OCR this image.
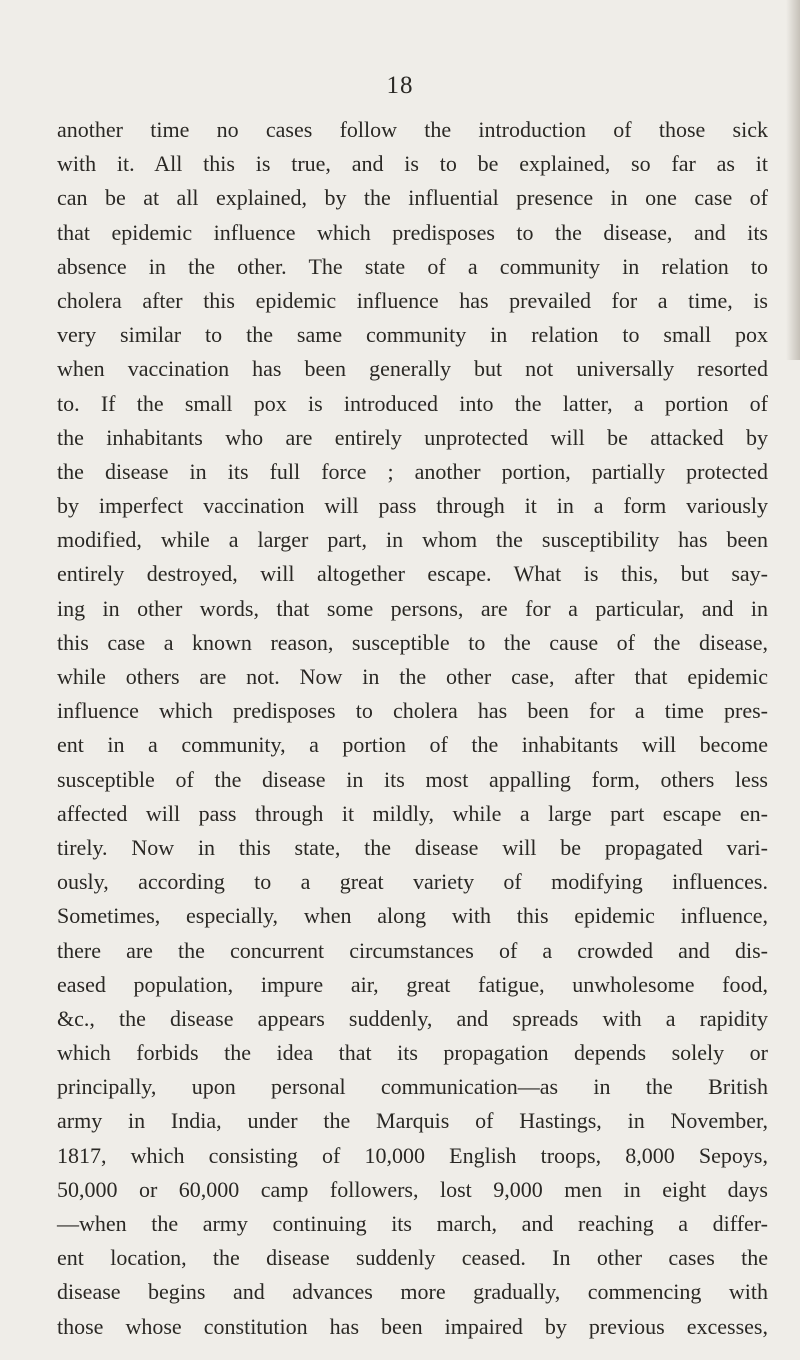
18
another time no cases follow the introduction of those sick
with it. All this is true, and is to be explained, so far as it
can be at all explained, by the influential presence in one case of
that epidemic influence which predisposes to the disease, and its
absence in the other. The state of a community in relation to
cholera after this epidemic influence has prevailed for a time, is
very similar to the same community in relation to small pox
when vaccination has been generally but not universally resorted
to. If the small pox is introduced into the latter, a portion of
the inhabitants who are entirely unprotected will be attacked by
the disease in its full force ; another portion, partially protected
by imperfect vaccination will pass through it in a form variously
modified, while a larger part, in whom the susceptibility has been
entirely destroyed, will altogether escape. What is this, but say-
ing in other words, that some persons, are for a particular, and in
this case a known reason, susceptible to the cause of the disease,
while others are not. Now in the other case, after that epidemic
influence which predisposes to cholera has been for a time pres-
ent in a community, a portion of the inhabitants will become
susceptible of the disease in its most appalling form, others less
affected will pass through it mildly, while a large part escape en-
tirely. Now in this state, the disease will be propagated vari-
ously, according to a great variety of modifying influences.
Sometimes, especially, when along with this epidemic influence,
there are the concurrent circumstances of a crowded and dis-
eased population, impure air, great fatigue, unwholesome food,
&c., the disease appears suddenly, and spreads with a rapidity
which forbids the idea that its propagation depends solely or
principally, upon personal communication—as in the British
army in India, under the Marquis of Hastings, in November,
1817, which consisting of 10,000 English troops, 8,000 Sepoys,
50,000 or 60,000 camp followers, lost 9,000 men in eight days
—when the army continuing its march, and reaching a differ-
ent location, the disease suddenly ceased. In other cases the
disease begins and advances more gradually, commencing with
those whose constitution has been impaired by previous excesses,
